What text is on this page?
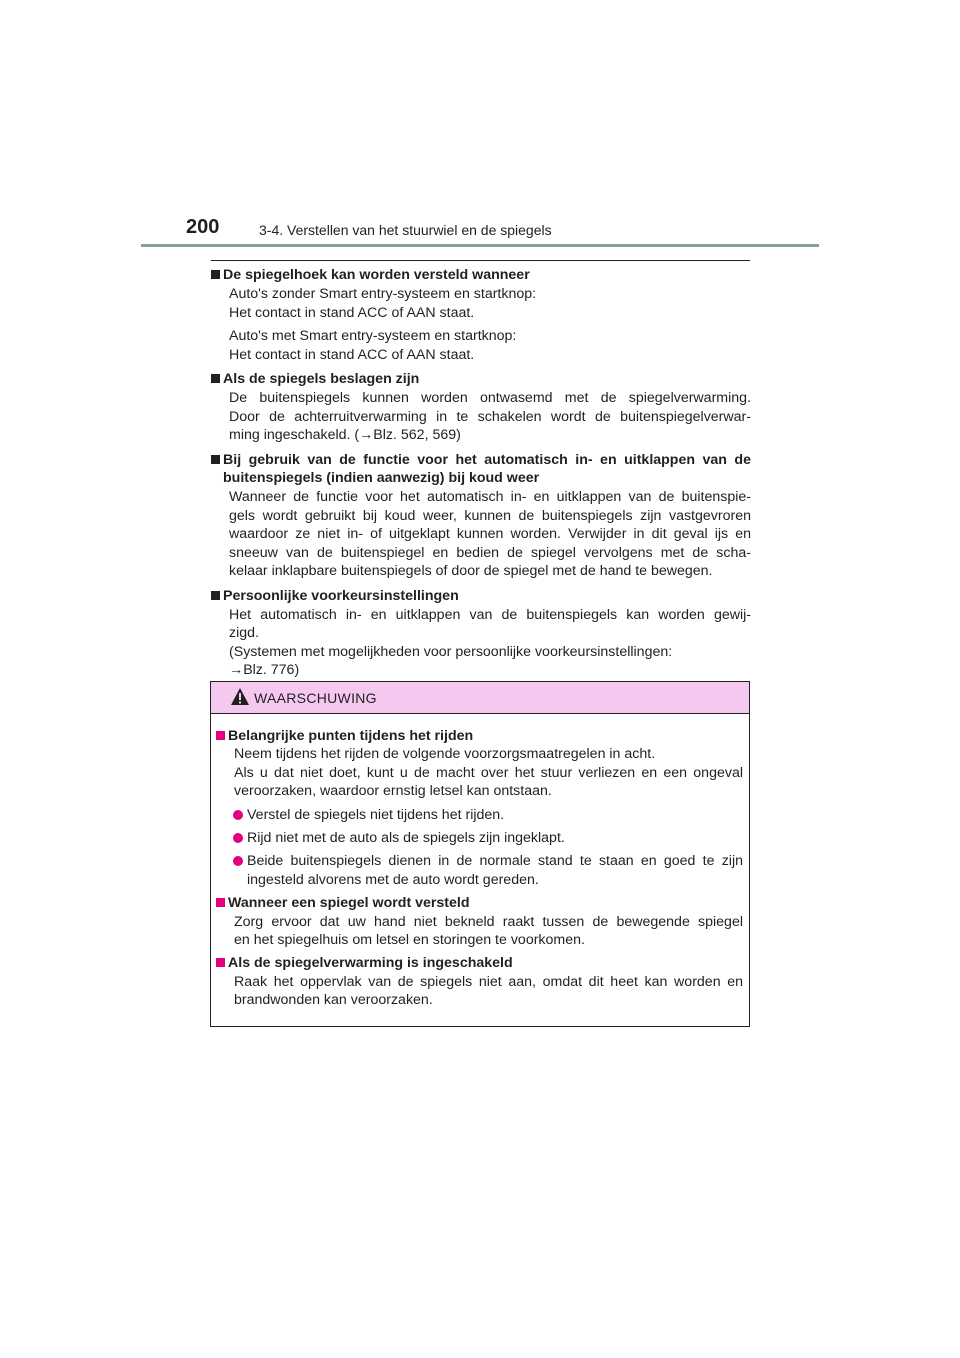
200	3-4. Verstellen van het stuurwiel en de spiegels
De spiegelhoek kan worden versteld wanneer
Auto's zonder Smart entry-systeem en startknop:
Het contact in stand ACC of AAN staat.
Auto's met Smart entry-systeem en startknop:
Het contact in stand ACC of AAN staat.
Als de spiegels beslagen zijn
De buitenspiegels kunnen worden ontwasemd met de spiegelverwarming.
Door de achterruitverwarming in te schakelen wordt de buitenspiegelverwar-
ming ingeschakeld. (→Blz. 562, 569)
Bij gebruik van de functie voor het automatisch in- en uitklappen van de
buitenspiegels (indien aanwezig) bij koud weer
Wanneer de functie voor het automatisch in- en uitklappen van de buitenspie-
gels wordt gebruikt bij koud weer, kunnen de buitenspiegels zijn vastgevroren
waardoor ze niet in- of uitgeklapt kunnen worden. Verwijder in dit geval ijs en
sneeuw van de buitenspiegel en bedien de spiegel vervolgens met de scha-
kelaar inklapbare buitenspiegels of door de spiegel met de hand te bewegen.
Persoonlijke voorkeursinstellingen
Het automatisch in- en uitklappen van de buitenspiegels kan worden gewij-
zigd.
(Systemen met mogelijkheden voor persoonlijke voorkeursinstellingen:
→Blz. 776)
WAARSCHUWING
Belangrijke punten tijdens het rijden
Neem tijdens het rijden de volgende voorzorgsmaatregelen in acht.
Als u dat niet doet, kunt u de macht over het stuur verliezen en een ongeval
veroorzaken, waardoor ernstig letsel kan ontstaan.
Verstel de spiegels niet tijdens het rijden.
Rijd niet met de auto als de spiegels zijn ingeklapt.
Beide buitenspiegels dienen in de normale stand te staan en goed te zijn
ingesteld alvorens met de auto wordt gereden.
Wanneer een spiegel wordt versteld
Zorg ervoor dat uw hand niet bekneld raakt tussen de bewegende spiegel
en het spiegelhuis om letsel en storingen te voorkomen.
Als de spiegelverwarming is ingeschakeld
Raak het oppervlak van de spiegels niet aan, omdat dit heet kan worden en
brandwonden kan veroorzaken.
